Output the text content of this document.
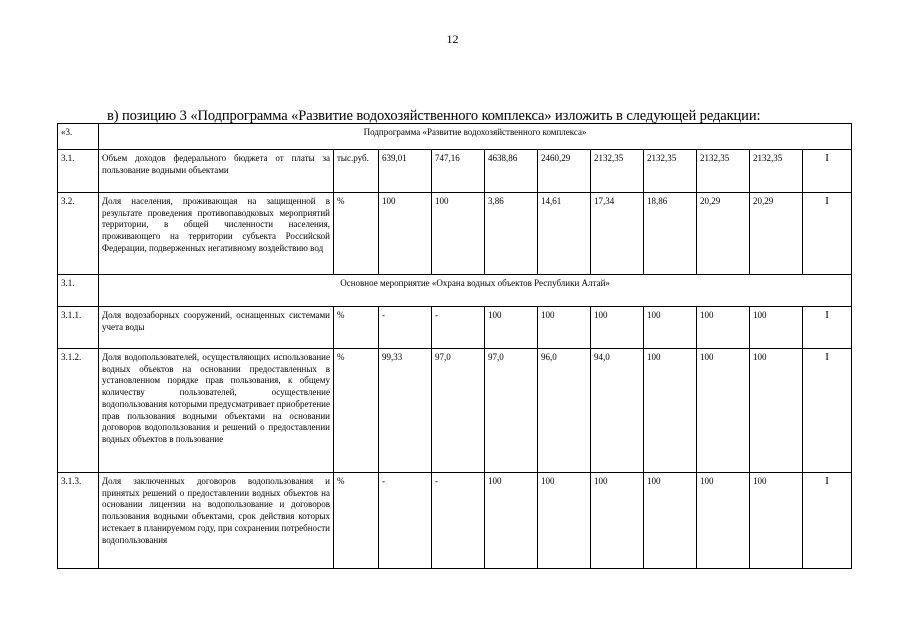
12
в) позицию 3 «Подпрограмма «Развитие водохозяйственного комплекса» изложить в следующей редакции:
«3.	Подпрограмма «Развитие водохозяйственного комплекса»										
3.1.	Объем доходов федерального бюджета от платы за пользование водными объектами	тыс.руб.	639,01	747,16	4638,86	2460,29	2132,35	2132,35	2132,35	2132,35	I
3.2.	Доля населения, проживающая на защищенной в результате проведения противопаводковых мероприятий территории, в общей численности населения, проживающего на территории субъекта Российской Федерации, подверженных негативному воздействию вод	%	100	100	3,86	14,61	17,34	18,86	20,29	20,29	I
3.1.	Основное мероприятие «Охрана водных объектов Республики Алтай»										
3.1.1.	Доля водозаборных сооружений, оснащенных системами учета воды	%	-	-	100	100	100	100	100	100	I
3.1.2.	Доля водопользователей, осуществляющих использование водных объектов на основании предоставленных в установленном порядке прав пользования, к общему количеству пользователей, осуществление водопользования которыми предусматривает приобретение прав пользования водными объектами на основании договоров водопользования и решений о предоставлении водных объектов в пользование	%	99,33	97,0	97,0	96,0	94,0	100	100	100	I
3.1.3.	Доля заключенных договоров водопользования и принятых решений о предоставлении водных объектов на основании лицензии на водопользование и договоров пользования водными объектами, срок действия которых истекает в планируемом году, при сохранении потребности водопользования	%	-	-	100	100	100	100	100	100	I
